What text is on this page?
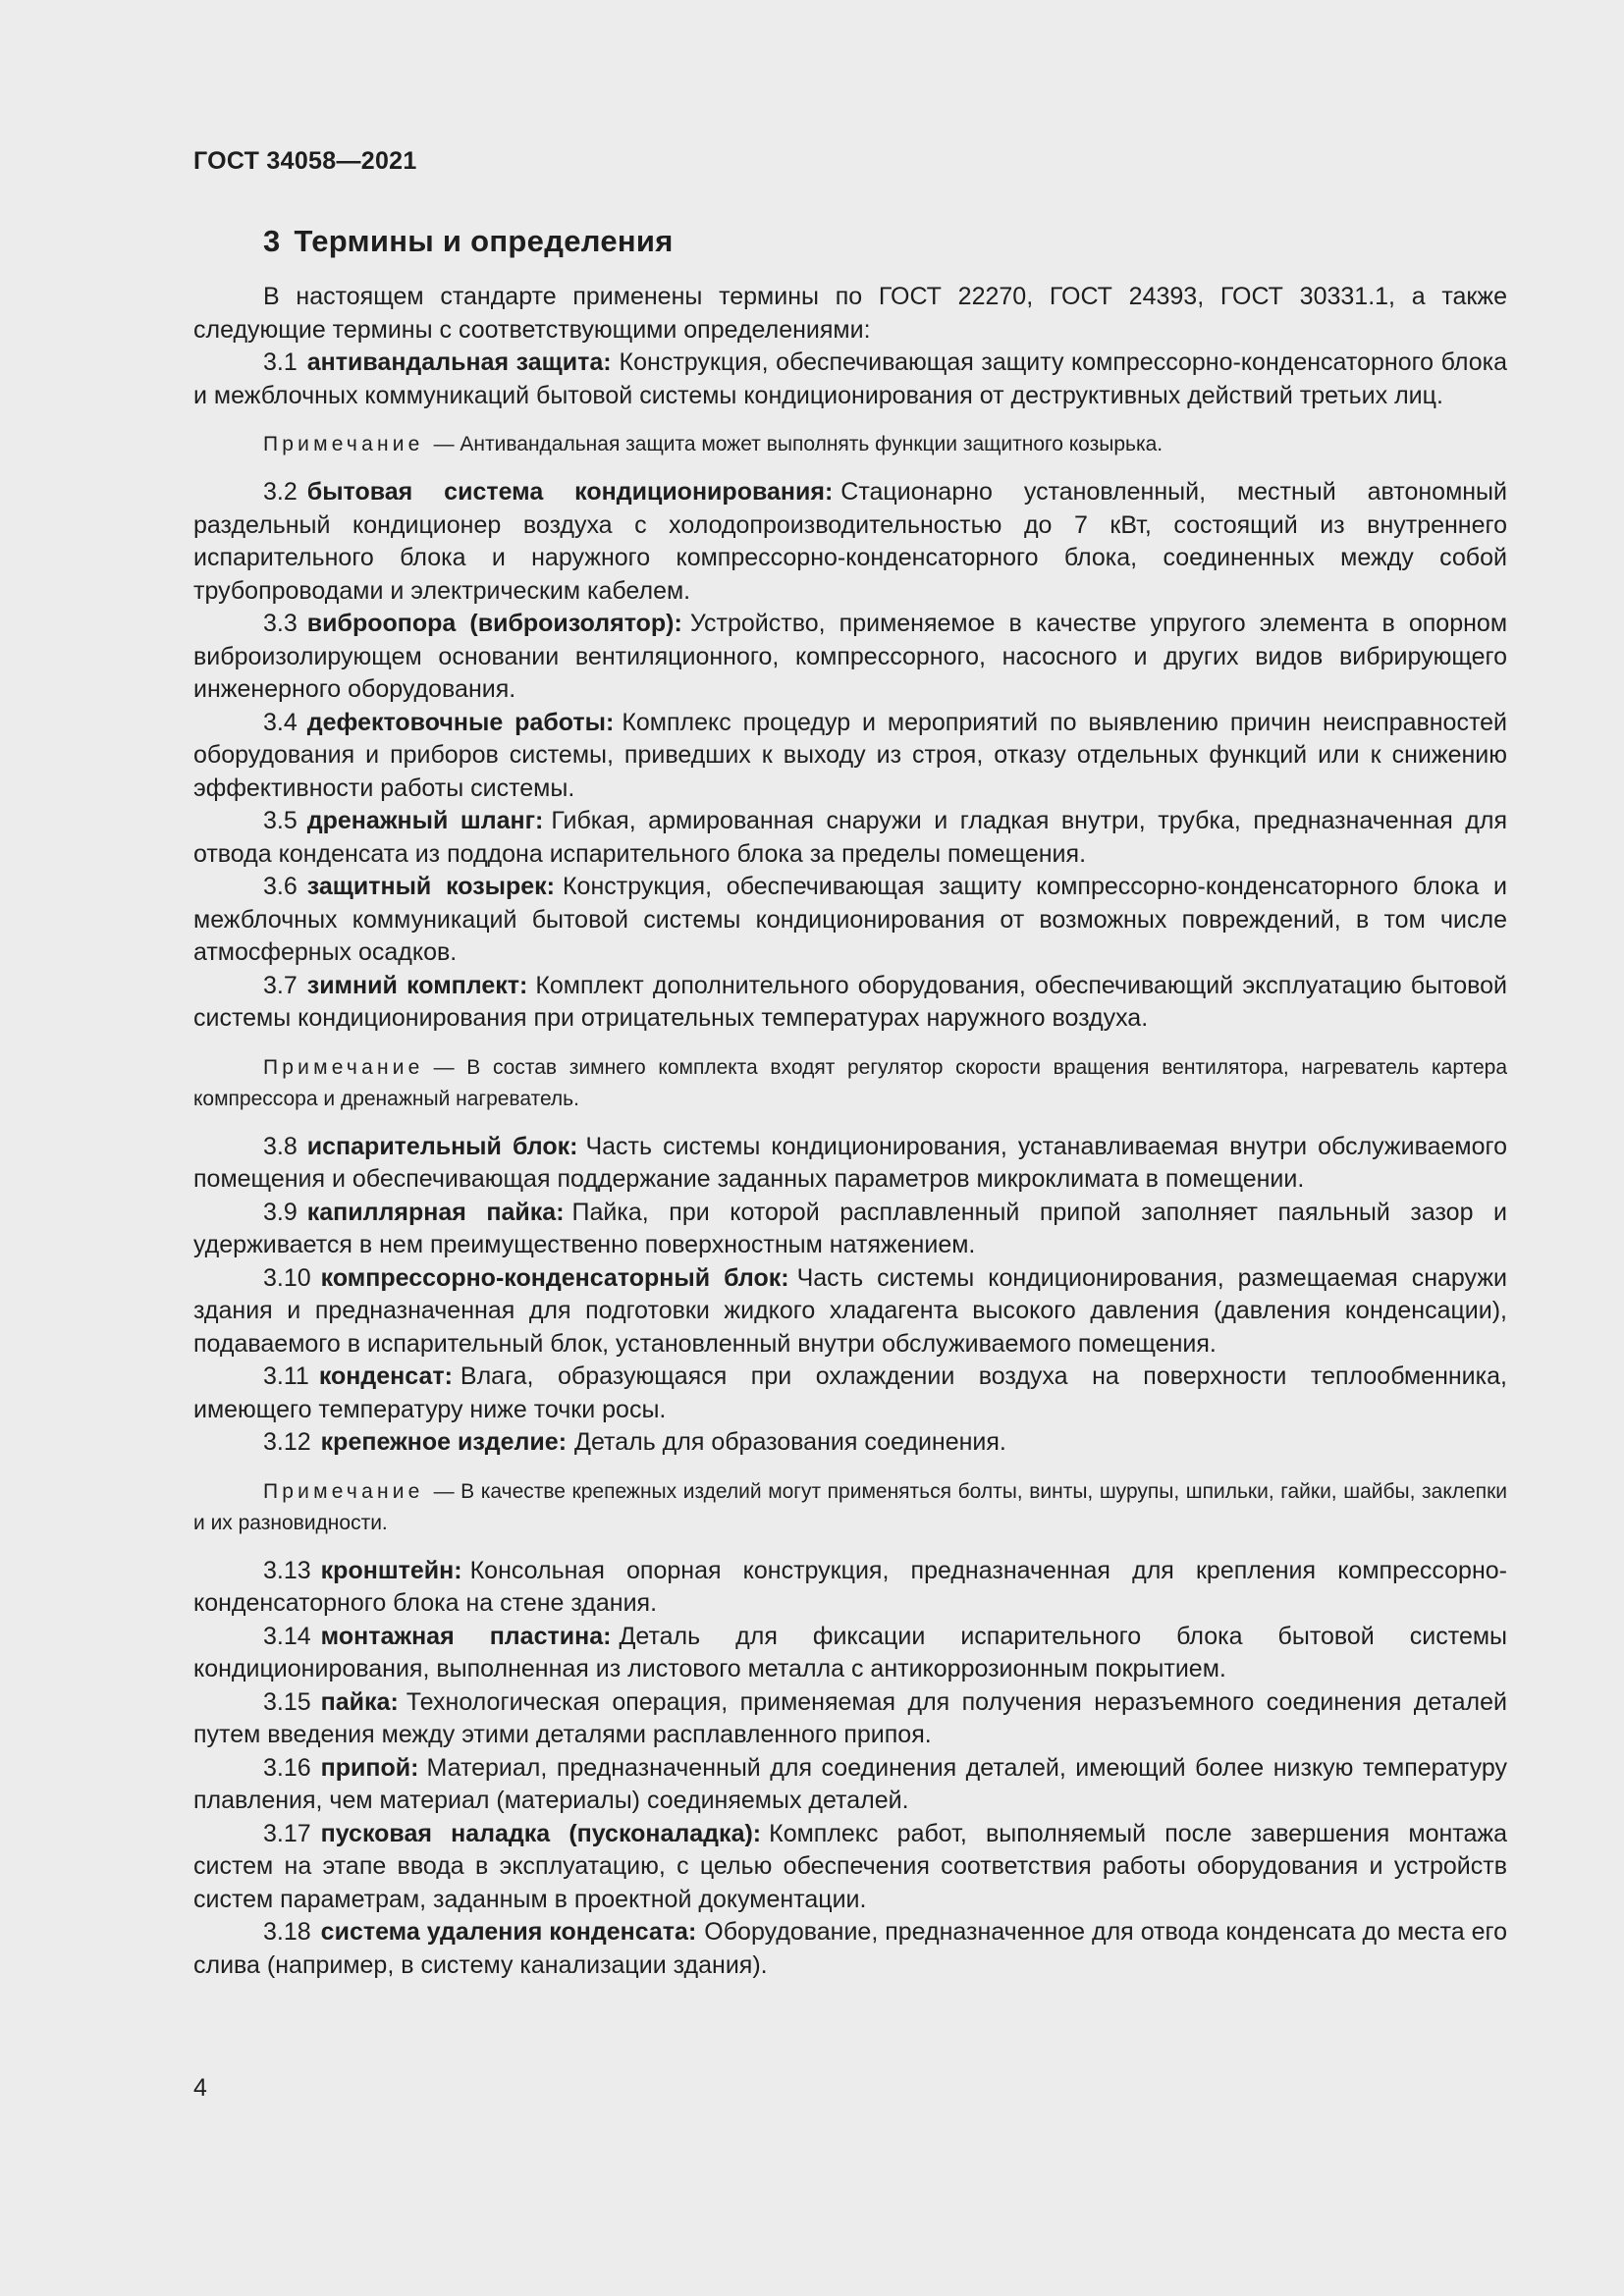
ГОСТ 34058—2021
3 Термины и определения

В настоящем стандарте применены термины по ГОСТ 22270, ГОСТ 24393, ГОСТ 30331.1, а также следующие термины с соответствующими определениями:

3.1 антивандальная защита: Конструкция, обеспечивающая защиту компрессорно-конденсаторного блока и межблочных коммуникаций бытовой системы кондиционирования от деструктивных действий третьих лиц.

Примечание — Антивандальная защита может выполнять функции защитного козырька.

3.2 бытовая система кондиционирования: Стационарно установленный, местный автономный раздельный кондиционер воздуха с холодопроизводительностью до 7 кВт, состоящий из внутреннего испарительного блока и наружного компрессорно-конденсаторного блока, соединенных между собой трубопроводами и электрическим кабелем.

3.3 виброопора (виброизолятор): Устройство, применяемое в качестве упругого элемента в опорном виброизолирующем основании вентиляционного, компрессорного, насосного и других видов вибрирующего инженерного оборудования.

3.4 дефектовочные работы: Комплекс процедур и мероприятий по выявлению причин неисправностей оборудования и приборов системы, приведших к выходу из строя, отказу отдельных функций или к снижению эффективности работы системы.

3.5 дренажный шланг: Гибкая, армированная снаружи и гладкая внутри, трубка, предназначенная для отвода конденсата из поддона испарительного блока за пределы помещения.

3.6 защитный козырек: Конструкция, обеспечивающая защиту компрессорно-конденсаторного блока и межблочных коммуникаций бытовой системы кондиционирования от возможных повреждений, в том числе атмосферных осадков.

3.7 зимний комплект: Комплект дополнительного оборудования, обеспечивающий эксплуатацию бытовой системы кондиционирования при отрицательных температурах наружного воздуха.

Примечание — В состав зимнего комплекта входят регулятор скорости вращения вентилятора, нагреватель картера компрессора и дренажный нагреватель.

3.8 испарительный блок: Часть системы кондиционирования, устанавливаемая внутри обслуживаемого помещения и обеспечивающая поддержание заданных параметров микроклимата в помещении.

3.9 капиллярная пайка: Пайка, при которой расплавленный припой заполняет паяльный зазор и удерживается в нем преимущественно поверхностным натяжением.

3.10 компрессорно-конденсаторный блок: Часть системы кондиционирования, размещаемая снаружи здания и предназначенная для подготовки жидкого хладагента высокого давления (давления конденсации), подаваемого в испарительный блок, установленный внутри обслуживаемого помещения.

3.11 конденсат: Влага, образующаяся при охлаждении воздуха на поверхности теплообменника, имеющего температуру ниже точки росы.

3.12 крепежное изделие: Деталь для образования соединения.

Примечание — В качестве крепежных изделий могут применяться болты, винты, шурупы, шпильки, гайки, шайбы, заклепки и их разновидности.

3.13 кронштейн: Консольная опорная конструкция, предназначенная для крепления компрессорно-конденсаторного блока на стене здания.

3.14 монтажная пластина: Деталь для фиксации испарительного блока бытовой системы кондиционирования, выполненная из листового металла с антикоррозионным покрытием.

3.15 пайка: Технологическая операция, применяемая для получения неразъемного соединения деталей путем введения между этими деталями расплавленного припоя.

3.16 припой: Материал, предназначенный для соединения деталей, имеющий более низкую температуру плавления, чем материал (материалы) соединяемых деталей.

3.17 пусковая наладка (пусконаладка): Комплекс работ, выполняемый после завершения монтажа систем на этапе ввода в эксплуатацию, с целью обеспечения соответствия работы оборудования и устройств систем параметрам, заданным в проектной документации.

3.18 система удаления конденсата: Оборудование, предназначенное для отвода конденсата до места его слива (например, в систему канализации здания).

4
